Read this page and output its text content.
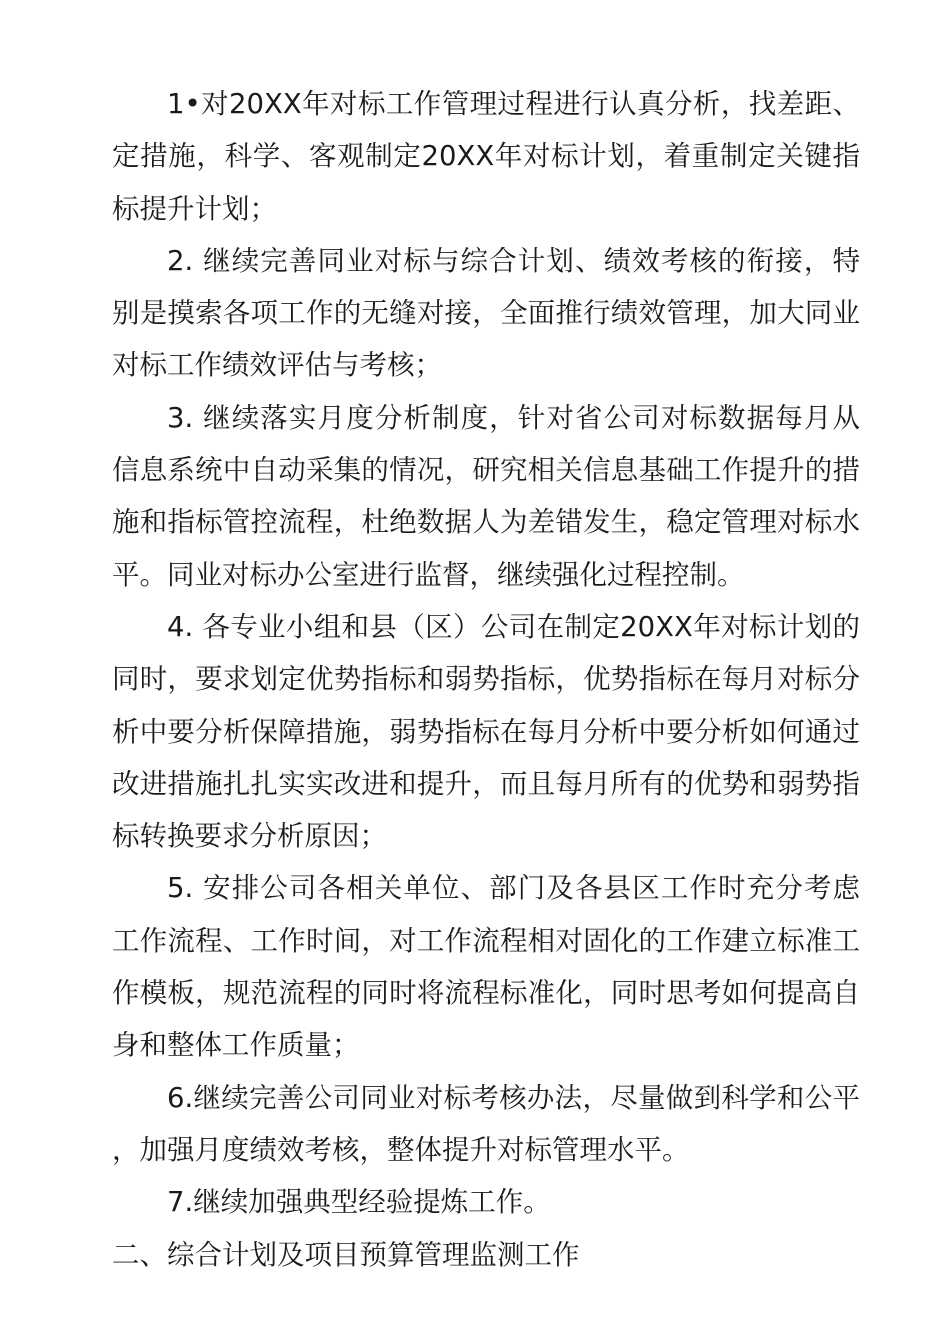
1•对20XX年对标工作管理过程进行认真分析，找差距、定措施，科学、客观制定20XX年对标计划，着重制定关键指标提升计划；

2. 继续完善同业对标与综合计划、绩效考核的衔接，特别是摸索各项工作的无缝对接，全面推行绩效管理，加大同业对标工作绩效评估与考核；

3. 继续落实月度分析制度，针对省公司对标数据每月从信息系统中自动采集的情况，研究相关信息基础工作提升的措施和指标管控流程，杜绝数据人为差错发生，稳定管理对标水平。同业对标办公室进行监督，继续强化过程控制。

4. 各专业小组和县（区）公司在制定20XX年对标计划的同时，要求划定优势指标和弱势指标，优势指标在每月对标分析中要分析保障措施，弱势指标在每月分析中要分析如何通过改进措施扎扎实实改进和提升，而且每月所有的优势和弱势指标转换要求分析原因；

5. 安排公司各相关单位、部门及各县区工作时充分考虑工作流程、工作时间，对工作流程相对固化的工作建立标准工作模板，规范流程的同时将流程标准化，同时思考如何提高自身和整体工作质量；

6.继续完善公司同业对标考核办法，尽量做到科学和公平，加强月度绩效考核，整体提升对标管理水平。

7.继续加强典型经验提炼工作。

二、综合计划及项目预算管理监测工作
